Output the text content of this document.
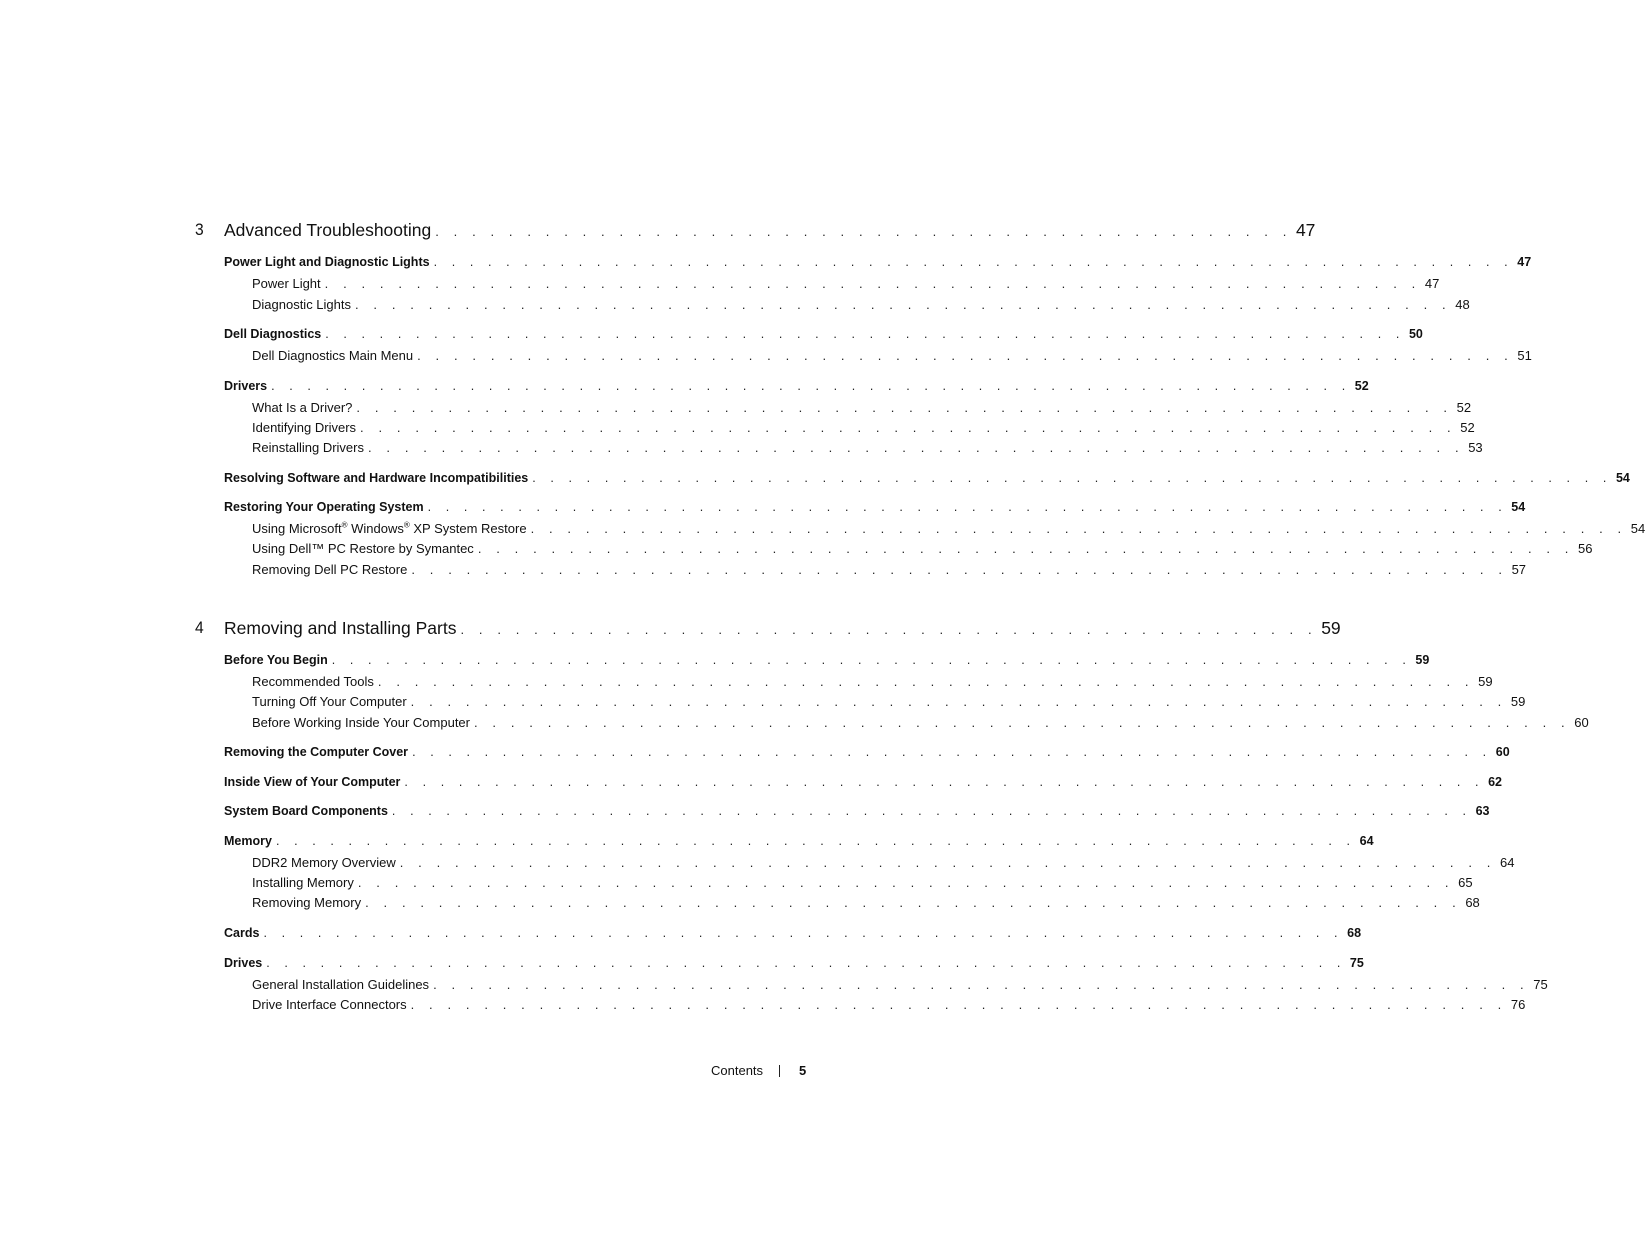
3 Advanced Troubleshooting . . . . . . . . . . . . . . . . . . . . . . . . . . . . . . . . . . . . . . . . . . . . . . . 47
Power Light and Diagnostic Lights . . . . . . . . . . . . . . . . . . . . . . . . . . . . . . . . . . . . . . . . . . . . . . . . . . . . . . . . . . . . 47
Power Light . . . . . . . . . . . . . . . . . . . . . . . . . . . . . . . . . . . . . . . . . . . . . . . . . . . . . . . . . . . . 47
Diagnostic Lights . . . . . . . . . . . . . . . . . . . . . . . . . . . . . . . . . . . . . . . . . . . . . . . . . . . . . . . . . . . . 48
Dell Diagnostics . . . . . . . . . . . . . . . . . . . . . . . . . . . . . . . . . . . . . . . . . . . . . . . . . . . . . . . . . . . . 50
Dell Diagnostics Main Menu . . . . . . . . . . . . . . . . . . . . . . . . . . . . . . . . . . . . . . . . . . . . . . . . . . . . . . . . . . . . 51
Drivers . . . . . . . . . . . . . . . . . . . . . . . . . . . . . . . . . . . . . . . . . . . . . . . . . . . . . . . . . . . . 52
What Is a Driver? . . . . . . . . . . . . . . . . . . . . . . . . . . . . . . . . . . . . . . . . . . . . . . . . . . . . . . . . . . . . 52
Identifying Drivers . . . . . . . . . . . . . . . . . . . . . . . . . . . . . . . . . . . . . . . . . . . . . . . . . . . . . . . . . . . . 52
Reinstalling Drivers . . . . . . . . . . . . . . . . . . . . . . . . . . . . . . . . . . . . . . . . . . . . . . . . . . . . . . . . . . . . 53
Resolving Software and Hardware Incompatibilities . . . . . . . . . . . . . . . . . . . . . . . . . . . . . . . . . . . . . . . . . . . . . . . . . . . . . . . . . . . . 54
Restoring Your Operating System . . . . . . . . . . . . . . . . . . . . . . . . . . . . . . . . . . . . . . . . . . . . . . . . . . . . . . . . . . . . 54
Using Microsoft® Windows® XP System Restore . . . . . . . . . . . . . . . . . . . . . . . . . . . . . . . . . . . . . . . . . . . . . . . . . . . . . . . . . . . . 54
Using Dell™ PC Restore by Symantec . . . . . . . . . . . . . . . . . . . . . . . . . . . . . . . . . . . . . . . . . . . . . . . . . . . . . . . . . . . . 56
Removing Dell PC Restore . . . . . . . . . . . . . . . . . . . . . . . . . . . . . . . . . . . . . . . . . . . . . . . . . . . . . . . . . . . . 57
4 Removing and Installing Parts . . . . . . . . . . . . . . . . . . . . . . . . . . . . . . . . . . . . . . . . . . . . . . . 59
Before You Begin . . . . . . . . . . . . . . . . . . . . . . . . . . . . . . . . . . . . . . . . . . . . . . . . . . . . . . . . . . . . 59
Recommended Tools . . . . . . . . . . . . . . . . . . . . . . . . . . . . . . . . . . . . . . . . . . . . . . . . . . . . . . . . . . . . 59
Turning Off Your Computer . . . . . . . . . . . . . . . . . . . . . . . . . . . . . . . . . . . . . . . . . . . . . . . . . . . . . . . . . . . . 59
Before Working Inside Your Computer . . . . . . . . . . . . . . . . . . . . . . . . . . . . . . . . . . . . . . . . . . . . . . . . . . . . . . . . . . . . 60
Removing the Computer Cover . . . . . . . . . . . . . . . . . . . . . . . . . . . . . . . . . . . . . . . . . . . . . . . . . . . . . . . . . . . . 60
Inside View of Your Computer . . . . . . . . . . . . . . . . . . . . . . . . . . . . . . . . . . . . . . . . . . . . . . . . . . . . . . . . . . . . 62
System Board Components . . . . . . . . . . . . . . . . . . . . . . . . . . . . . . . . . . . . . . . . . . . . . . . . . . . . . . . . . . . . 63
Memory . . . . . . . . . . . . . . . . . . . . . . . . . . . . . . . . . . . . . . . . . . . . . . . . . . . . . . . . . . . . 64
DDR2 Memory Overview . . . . . . . . . . . . . . . . . . . . . . . . . . . . . . . . . . . . . . . . . . . . . . . . . . . . . . . . . . . . 64
Installing Memory . . . . . . . . . . . . . . . . . . . . . . . . . . . . . . . . . . . . . . . . . . . . . . . . . . . . . . . . . . . . 65
Removing Memory . . . . . . . . . . . . . . . . . . . . . . . . . . . . . . . . . . . . . . . . . . . . . . . . . . . . . . . . . . . . 68
Cards . . . . . . . . . . . . . . . . . . . . . . . . . . . . . . . . . . . . . . . . . . . . . . . . . . . . . . . . . . . . 68
Drives . . . . . . . . . . . . . . . . . . . . . . . . . . . . . . . . . . . . . . . . . . . . . . . . . . . . . . . . . . . . 75
General Installation Guidelines . . . . . . . . . . . . . . . . . . . . . . . . . . . . . . . . . . . . . . . . . . . . . . . . . . . . . . . . . . . . 75
Drive Interface Connectors . . . . . . . . . . . . . . . . . . . . . . . . . . . . . . . . . . . . . . . . . . . . . . . . . . . . . . . . . . . . 76
Contents	5
